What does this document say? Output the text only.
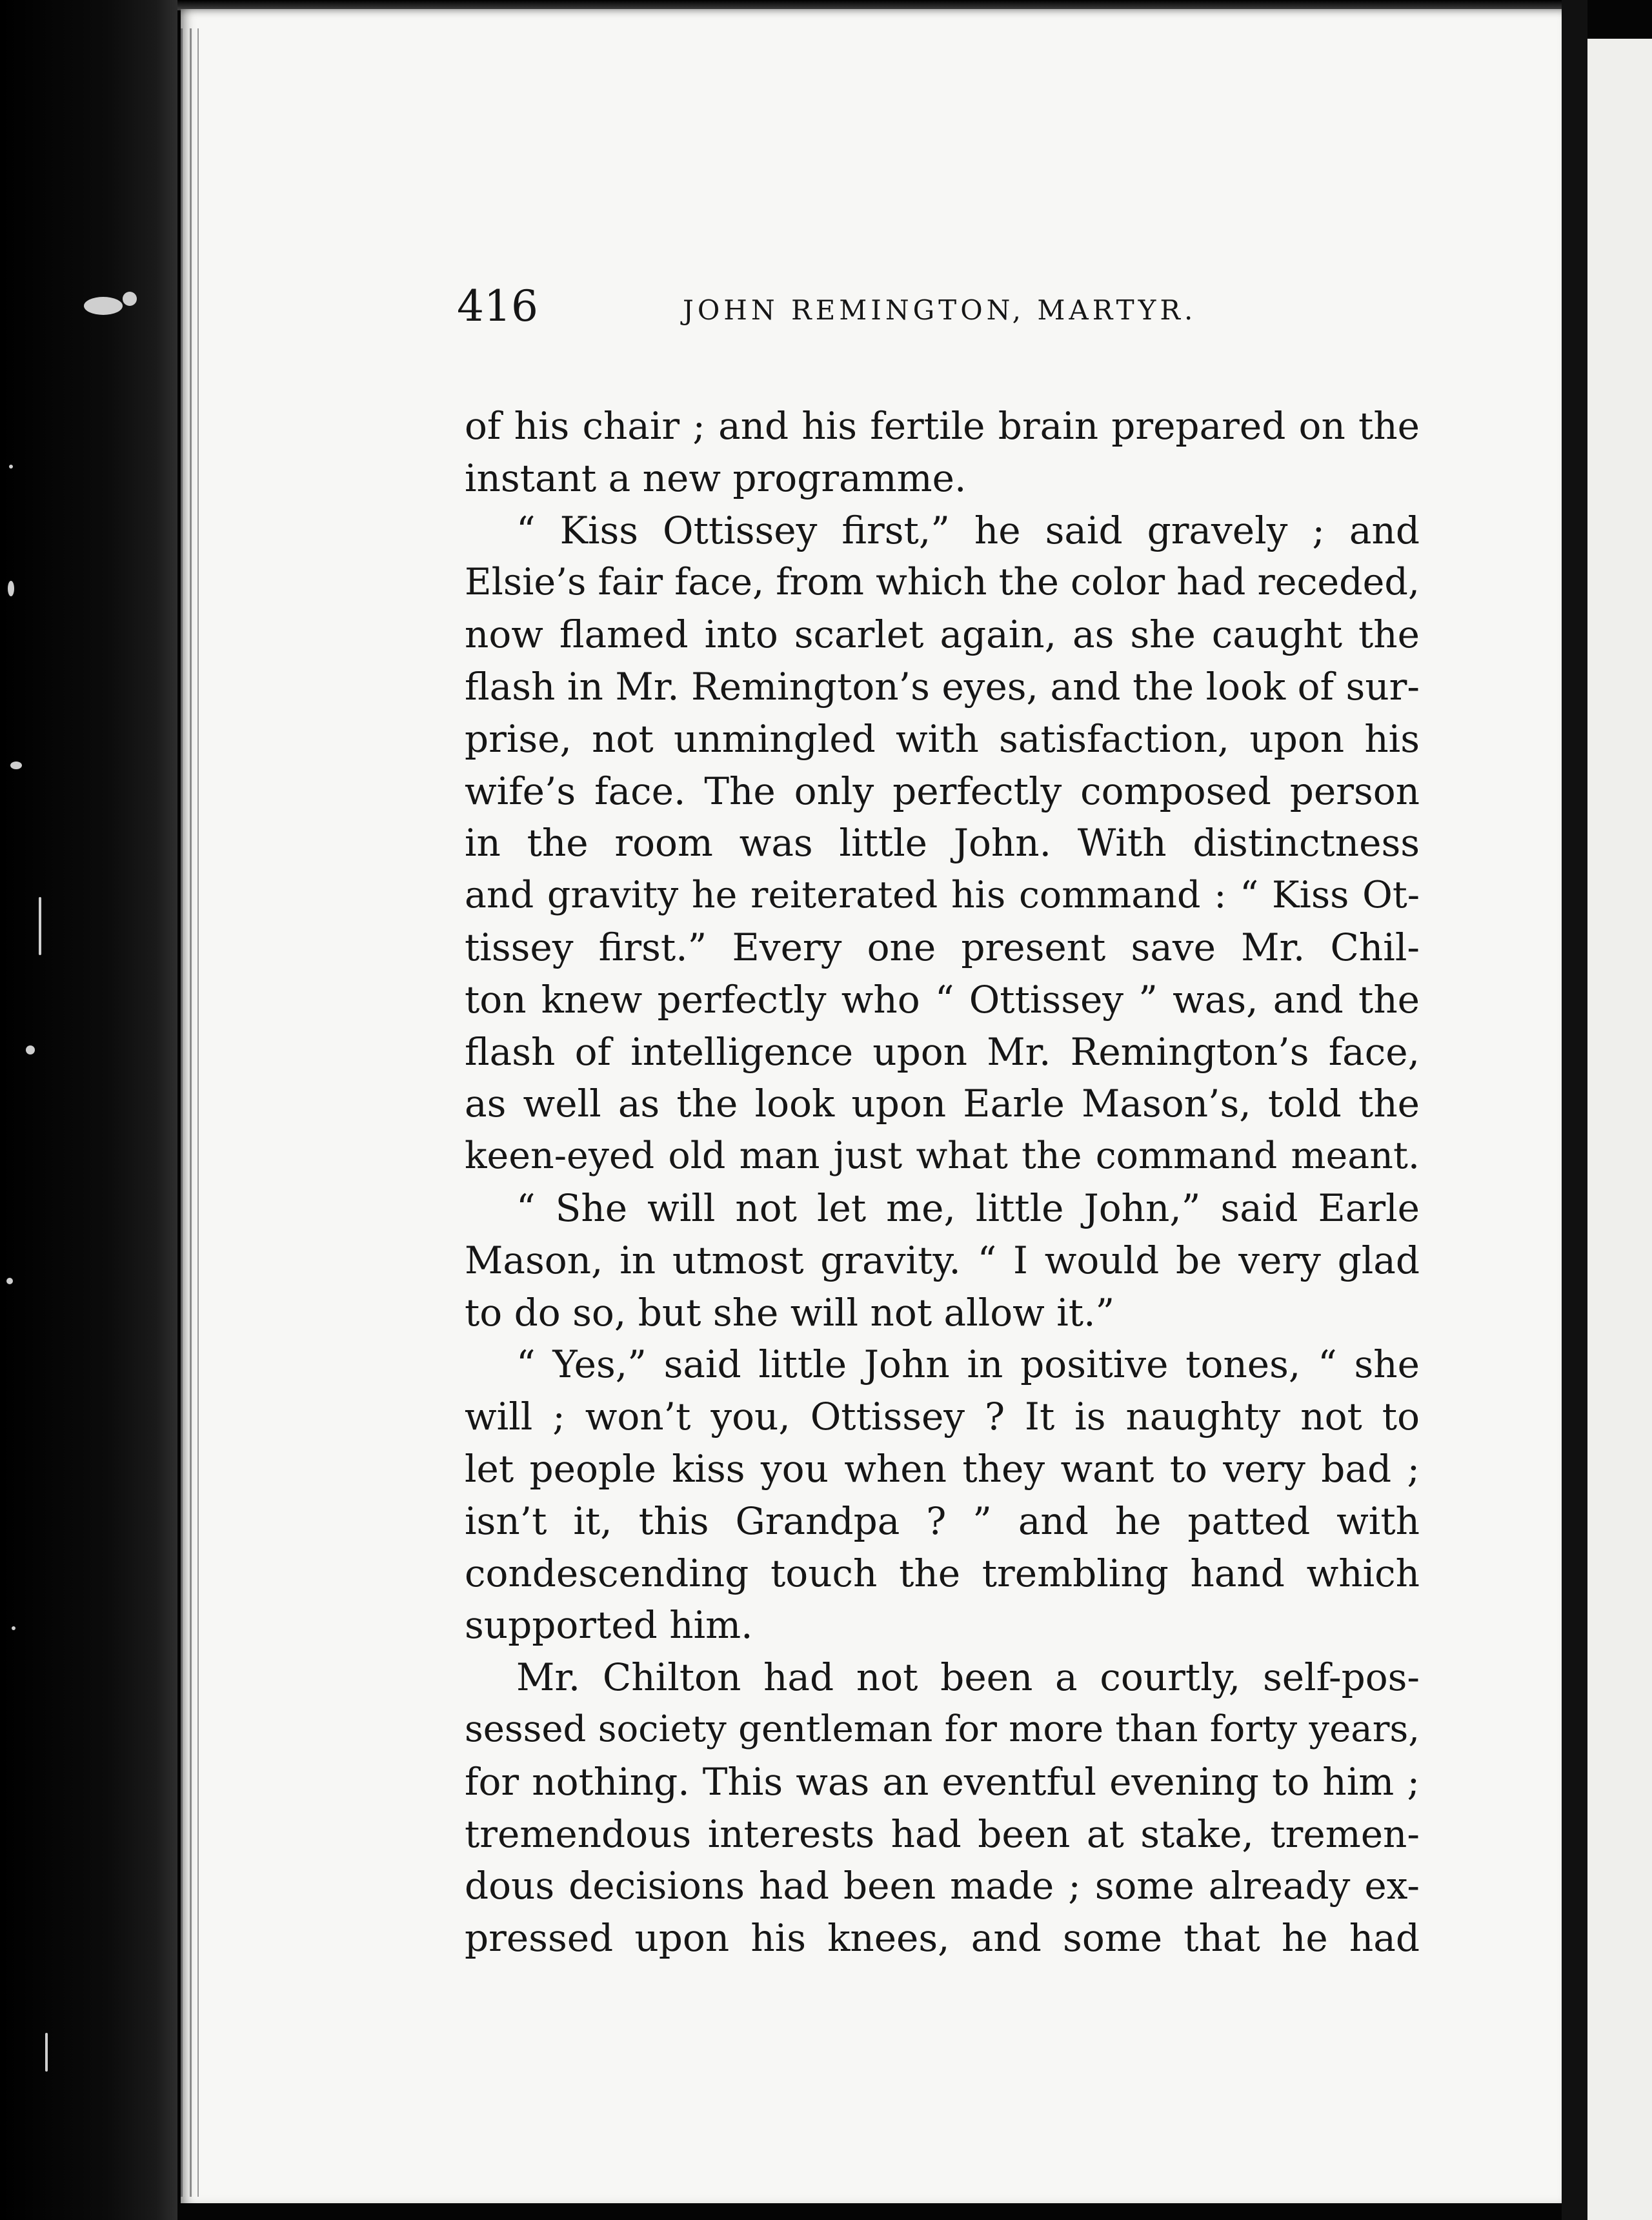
416	JOHN REMINGTON, MARTYR.
of his chair ; and his fertile brain prepared on the
instant a new programme.
“ Kiss Ottissey first,” he said gravely ; and
Elsie’s fair face, from which the color had receded,
now flamed into scarlet again, as she caught the
flash in Mr. Remington’s eyes, and the look of sur-
prise, not unmingled with satisfaction, upon his
wife’s face. The only perfectly composed person
in the room was little John. With distinctness
and gravity he reiterated his command : “ Kiss Ot-
tissey first.” Every one present save Mr. Chil-
ton knew perfectly who “ Ottissey ” was, and the
flash of intelligence upon Mr. Remington’s face,
as well as the look upon Earle Mason’s, told the
keen-eyed old man just what the command meant.
“ She will not let me, little John,” said Earle
Mason, in utmost gravity. “ I would be very glad
to do so, but she will not allow it.”
“ Yes,” said little John in positive tones, “ she
will ; won’t you, Ottissey ? It is naughty not to
let people kiss you when they want to very bad ;
isn’t it, this Grandpa ? ” and he patted with
condescending touch the trembling hand which
supported him.
Mr. Chilton had not been a courtly, self-pos-
sessed society gentleman for more than forty years,
for nothing. This was an eventful evening to him ;
tremendous interests had been at stake, tremen-
dous decisions had been made ; some already ex-
pressed upon his knees, and some that he had
